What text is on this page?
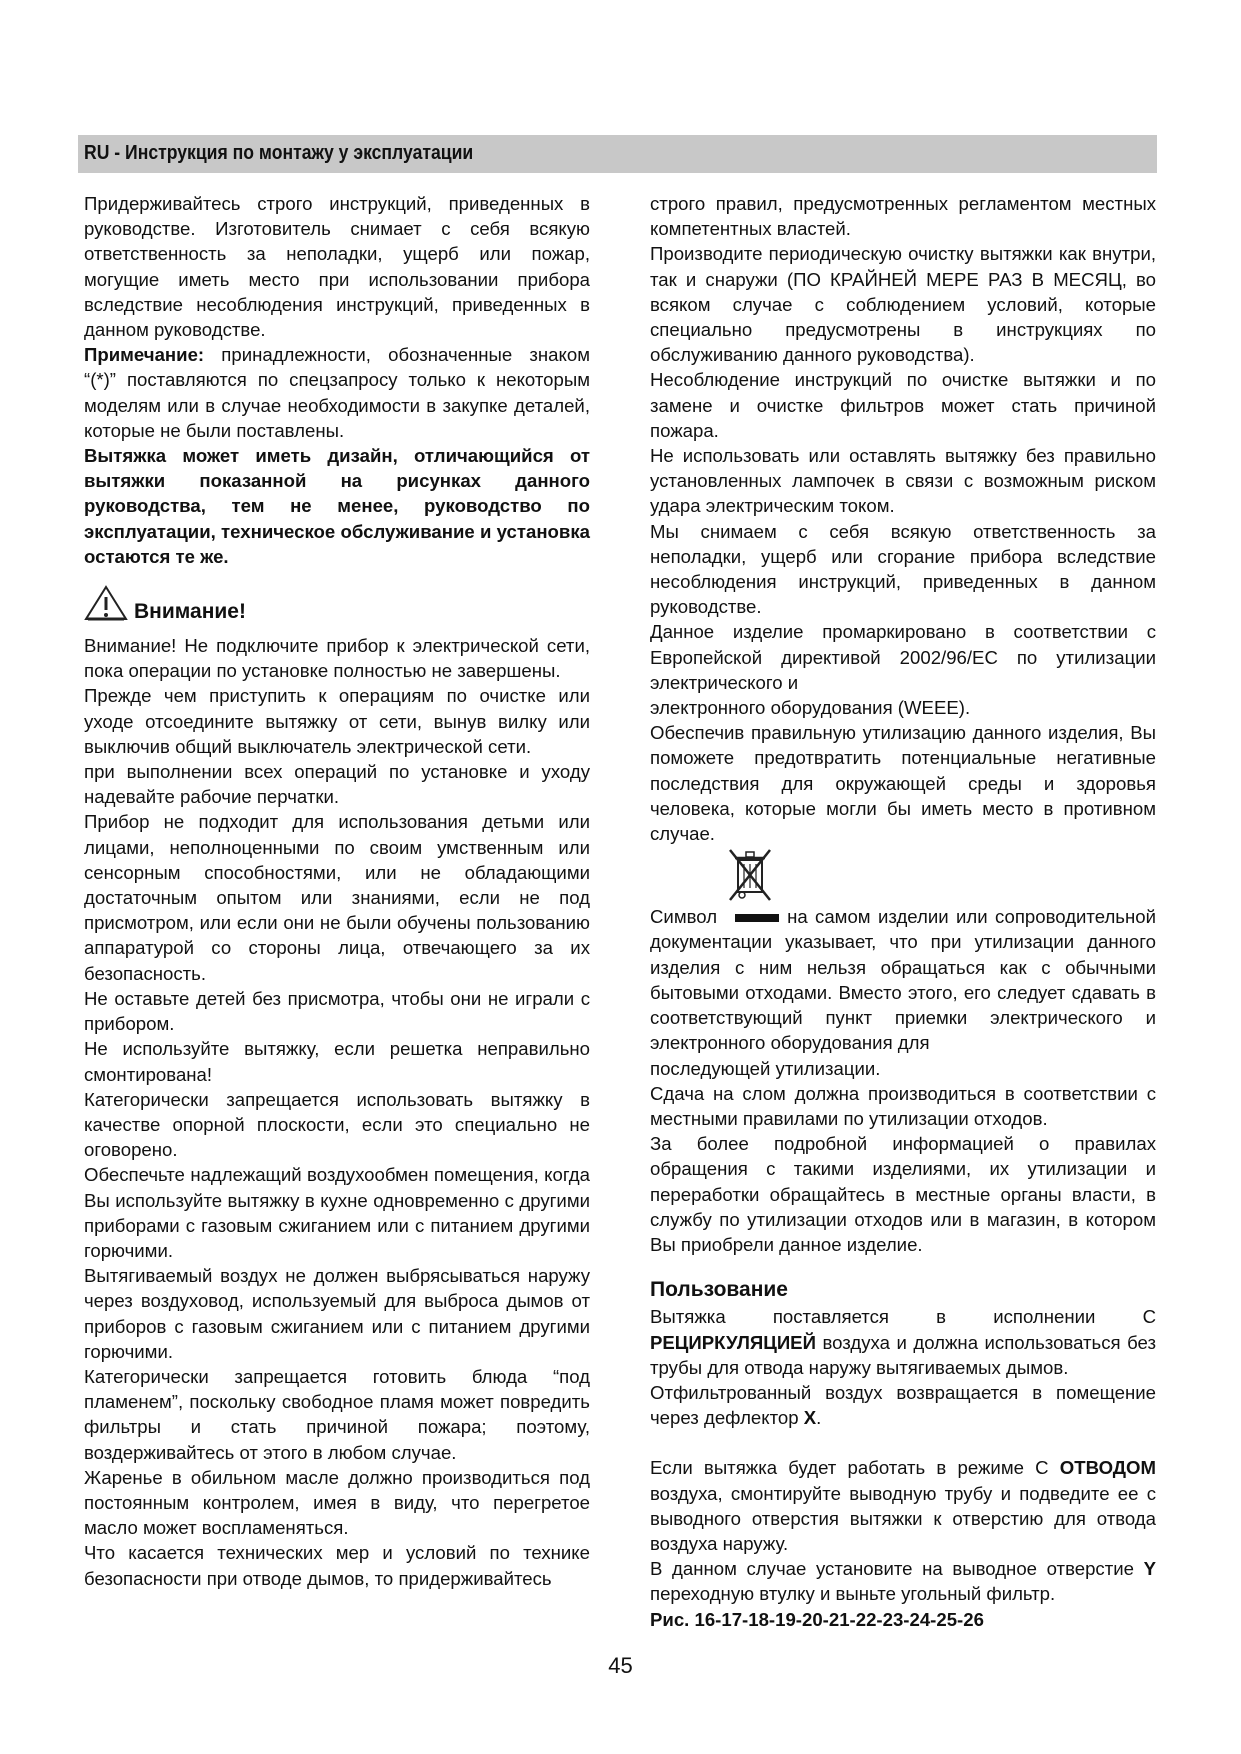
RU - Инструкция по монтажу у эксплуатации

Придерживайтесь строго инструкций, приведенных в руководстве. Изготовитель снимает с себя всякую ответственность за неполадки, ущерб или пожар, могущие иметь место при использовании прибора вследствие несоблюдения инструкций, приведенных в данном руководстве.

Примечание: принадлежности, обозначенные знаком “(*)” поставляются по спецзапросу только к некоторым моделям или в случае необходимости в закупке деталей, которые не были поставлены.

Вытяжка может иметь дизайн, отличающийся от вытяжки показанной на рисунках данного руководства, тем не менее, руководство по эксплуатации, техническое обслуживание и установка остаются те же.

Внимание!

Внимание! Не подключите прибор к электрической сети, пока операции по установке полностью не завершены.

Прежде чем приступить к операциям по очистке или уходе отсоедините вытяжку от сети, вынув вилку или выключив общий выключатель электрической сети.

при выполнении всех операций по установке и уходу надевайте рабочие перчатки.

Прибор не подходит для использования детьми или лицами, неполноценными по своим умственным или сенсорным способностями, или не обладающими достаточным опытом или знаниями, если не под присмотром, или если они не были обучены пользованию аппаратурой со стороны лица, отвечающего за их безопасность.

Не оставьте детей без присмотра, чтобы они не играли с прибором.

Не используйте вытяжку, если решетка неправильно смонтирована!

Категорически запрещается использовать вытяжку в качестве опорной плоскости, если это специально не оговорено.

Обеспечьте надлежащий воздухообмен помещения, когда Вы используйте вытяжку в кухне одновременно с другими приборами с газовым сжиганием или с питанием другими горючими.

Вытягиваемый воздух не должен выбрясываться наружу через воздуховод, используемый для выброса дымов от приборов с газовым сжиганием или с питанием другими горючими.

Категорически запрещается готовить блюда “под пламенем”, поскольку свободное пламя может повредить фильтры и стать причиной пожара; поэтому, воздерживайтесь от этого в любом случае.

Жаренье в обильном масле должно производиться под постоянным контролем, имея в виду, что перегретое масло может воспламеняться.

Что касается технических мер и условий по технике безопасности при отводе дымов, то придерживайтесь

строго правил, предусмотренных регламентом местных компетентных властей.

Производите периодическую очистку вытяжки как внутри, так и снаружи (ПО КРАЙНЕЙ МЕРЕ РАЗ В МЕСЯЦ, во всяком случае с соблюдением условий, которые специально предусмотрены в инструкциях по обслуживанию данного руководства).

Несоблюдение инструкций по очистке вытяжки и по замене и очистке фильтров может стать причиной пожара.

Не использовать или оставлять вытяжку без правильно установленных лампочек в связи с возможным риском удара электрическим током.

Мы снимаем с себя всякую ответственность за неполадки, ущерб или сгорание прибора вследствие несоблюдения инструкций, приведенных в данном руководстве.

Данное изделие промаркировано в соответствии с Европейской директивой 2002/96/EC по утилизации электрического и

электронного оборудования (WEEE).

Обеспечив правильную утилизацию данного изделия, Вы поможете предотвратить потенциальные негативные последствия для окружающей среды и здоровья человека, которые могли бы иметь место в противном случае.

Символ	на самом изделии или сопроводительной документации указывает, что при утилизации данного изделия с ним нельзя обращаться как с обычными бытовыми отходами. Вместо этого, его следует сдавать в соответствующий пункт приемки электрического и электронного оборудования для

последующей утилизации.

Сдача на слом должна производиться в соответствии с местными правилами по утилизации отходов.

За более подробной информацией о правилах обращения с такими изделиями, их утилизации и переработки обращайтесь в местные органы власти, в службу по утилизации отходов или в магазин, в котором Вы приобрели данное изделие.

Пользование

Вытяжка поставляется в исполнении С РЕЦИРКУЛЯЦИЕЙ воздуха и должна использоваться без трубы для отвода наружу вытягиваемых дымов.

Отфильтрованный воздух возвращается в помещение через дефлектор X.

Если вытяжка будет работать в режиме С ОТВОДОМ воздуха, смонтируйте выводную трубу и подведите ее с выводного отверстия вытяжки к отверстию для отвода воздуха наружу.

В данном случае установите на выводное отверстие Y переходную втулку и выньте угольный фильтр.

Рис. 16-17-18-19-20-21-22-23-24-25-26

45
